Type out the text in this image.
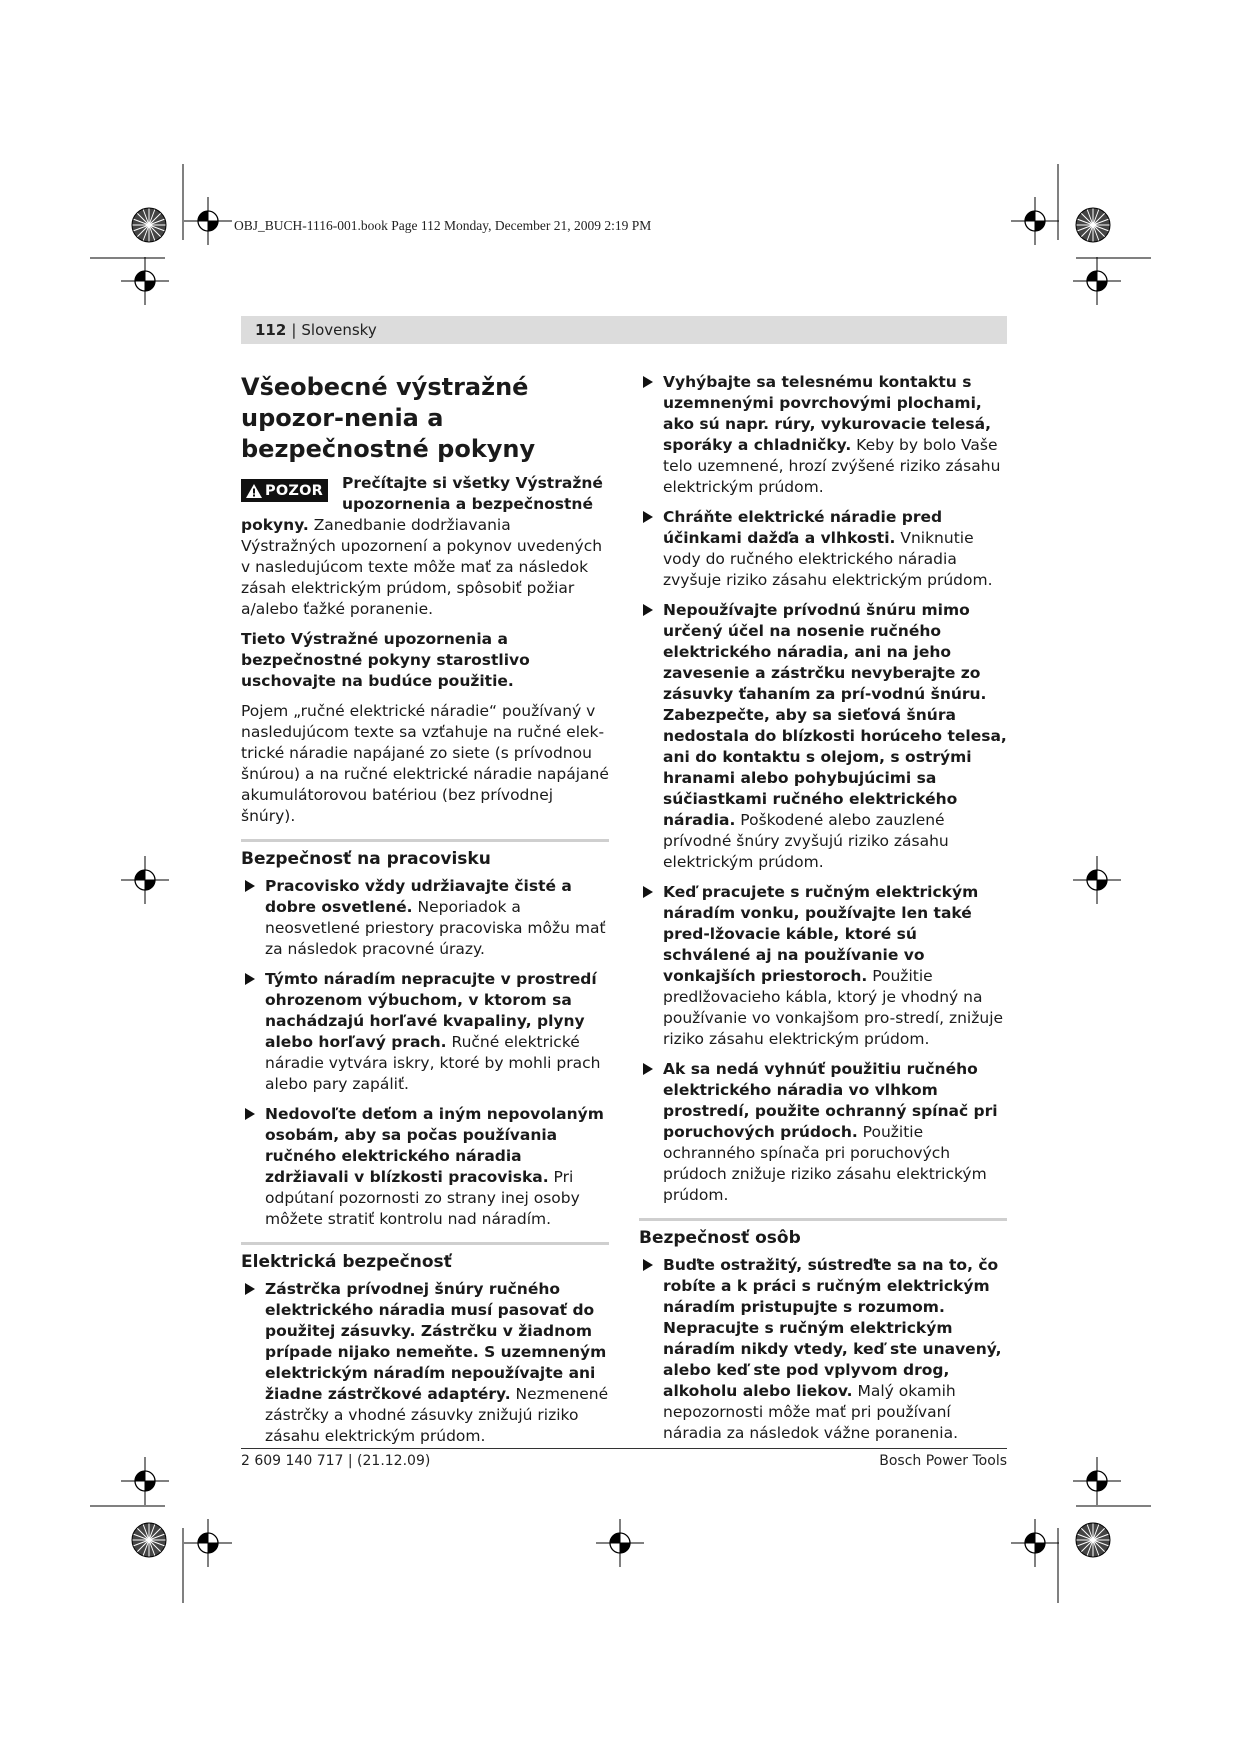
OBJ_BUCH-1116-001.book Page 112 Monday, December 21, 2009 2:19 PM
112 | Slovensky
Všeobecné výstražné upozor-nenia a bezpečnostné pokyny
POZOR	Prečítajte si všetky Výstražné upozornenia a bezpečnostné pokyny. Zanedbanie dodržiavania Výstražných upozornení a pokynov uvedených v nasledujúcom texte môže mať za následok zásah elektrickým prúdom, spôsobiť požiar a/alebo ťažké poranenie.

Tieto Výstražné upozornenia a bezpečnostné pokyny starostlivo uschovajte na budúce použitie.

Pojem „ručné elektrické náradie“ používaný v nasledujúcom texte sa vzťahuje na ručné elek-trické náradie napájané zo siete (s prívodnou šnúrou) a na ručné elektrické náradie napájané akumulátorovou batériou (bez prívodnej šnúry).

Bezpečnosť na pracovisku

Pracovisko vždy udržiavajte čisté a dobre osvetlené. Neporiadok a neosvetlené priestory pracoviska môžu mať za následok pracovné úrazy.

Týmto náradím nepracujte v prostredí ohrozenom výbuchom, v ktorom sa nachádzajú horľavé kvapaliny, plyny alebo horľavý prach. Ručné elektrické náradie vytvára iskry, ktoré by mohli prach alebo pary zapáliť.

Nedovoľte deťom a iným nepovolaným osobám, aby sa počas používania ručného elektrického náradia zdržiavali v blízkosti pracoviska. Pri odpútaní pozornosti zo strany inej osoby môžete stratiť kontrolu nad náradím.

Elektrická bezpečnosť

Zástrčka prívodnej šnúry ručného elektrického náradia musí pasovať do použitej zásuvky. Zástrčku v žiadnom prípade nijako nemeňte. S uzemneným elektrickým náradím nepoužívajte ani žiadne zástrčkové adaptéry. Nezmenené zástrčky a vhodné zásuvky znižujú riziko zásahu elektrickým prúdom.

Vyhýbajte sa telesnému kontaktu s uzemnenými povrchovými plochami, ako sú napr. rúry, vykurovacie telesá, sporáky a chladničky. Keby by bolo Vaše telo uzemnené, hrozí zvýšené riziko zásahu elektrickým prúdom.

Chráňte elektrické náradie pred účinkami dažďa a vlhkosti. Vniknutie vody do ručného elektrického náradia zvyšuje riziko zásahu elektrickým prúdom.

Nepoužívajte prívodnú šnúru mimo určený účel na nosenie ručného elektrického náradia, ani na jeho zavesenie a zástrčku nevyberajte zo zásuvky ťahaním za prí-vodnú šnúru. Zabezpečte, aby sa sieťová šnúra nedostala do blízkosti horúceho telesa, ani do kontaktu s olejom, s ostrými hranami alebo pohybujúcimi sa súčiastkami ručného elektrického náradia. Poškodené alebo zauzlené prívodné šnúry zvyšujú riziko zásahu elektrickým prúdom.

Keď pracujete s ručným elektrickým náradím vonku, používajte len také pred-lžovacie káble, ktoré sú schválené aj na používanie vo vonkajších priestoroch. Použitie predlžovacieho kábla, ktorý je vhodný na používanie vo vonkajšom pro-stredí, znižuje riziko zásahu elektrickým prúdom.

Ak sa nedá vyhnúť použitiu ručného elektrického náradia vo vlhkom prostredí, použite ochranný spínač pri poruchových prúdoch. Použitie ochranného spínača pri poruchových prúdoch znižuje riziko zásahu elektrickým prúdom.

Bezpečnosť osôb

Buďte ostražitý, sústreďte sa na to, čo robíte a k práci s ručným elektrickým náradím pristupujte s rozumom. Nepracujte s ručným elektrickým náradím nikdy vtedy, keď ste unavený, alebo keď ste pod vplyvom drog, alkoholu alebo liekov. Malý okamih nepozornosti môže mať pri používaní náradia za následok vážne poranenia.

2 609 140 717 | (21.12.09)	Bosch Power Tools
